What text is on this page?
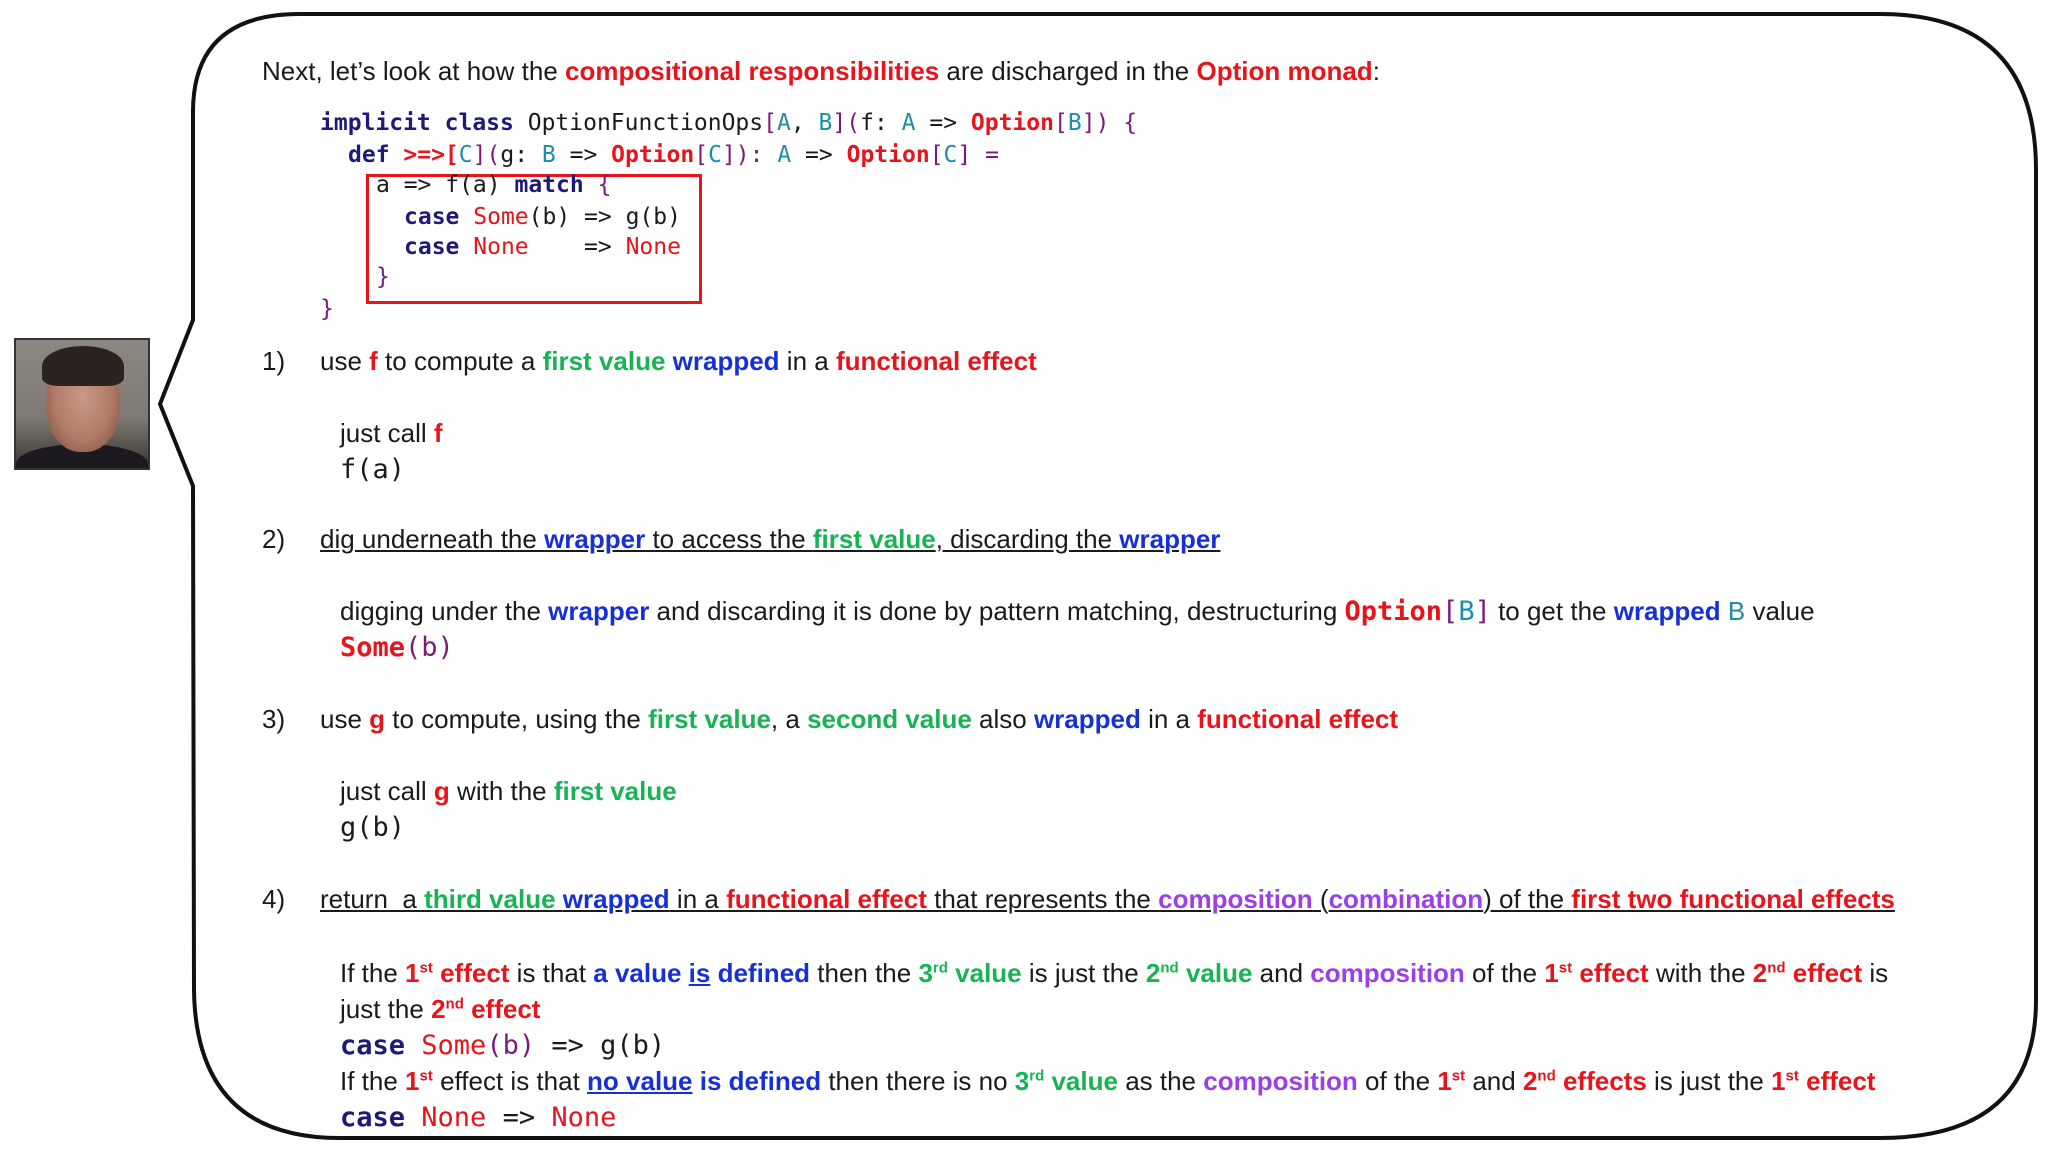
Next, let’s look at how the compositional responsibilities are discharged in the Option monad:
implicit class OptionFunctionOps[A, B](f: A => Option[B]) {
def >=>[C](g: B => Option[C]): A => Option[C] =
a => f(a) match {
case Some(b) => g(b)
case None    => None
}
}
1) use f to compute a first value wrapped in a functional effect
just call f
f(a)
2) dig underneath the wrapper to access the first value, discarding the wrapper
digging under the wrapper and discarding it is done by pattern matching, destructuring Option[B] to get the wrapped B value
Some(b)
3) use g to compute, using the first value, a second value also wrapped in a functional effect
just call g with the first value
g(b)
4) return  a third value wrapped in a functional effect that represents the composition (combination) of the first two functional effects
If the 1st effect is that a value is defined then the 3rd value is just the 2nd value and composition of the 1st effect with the 2nd effect is
just the 2nd effect
case Some(b) => g(b)
If the 1st effect is that no value is defined then there is no 3rd value as the composition of the 1st and 2nd effects is just the 1st effect
case None => None
